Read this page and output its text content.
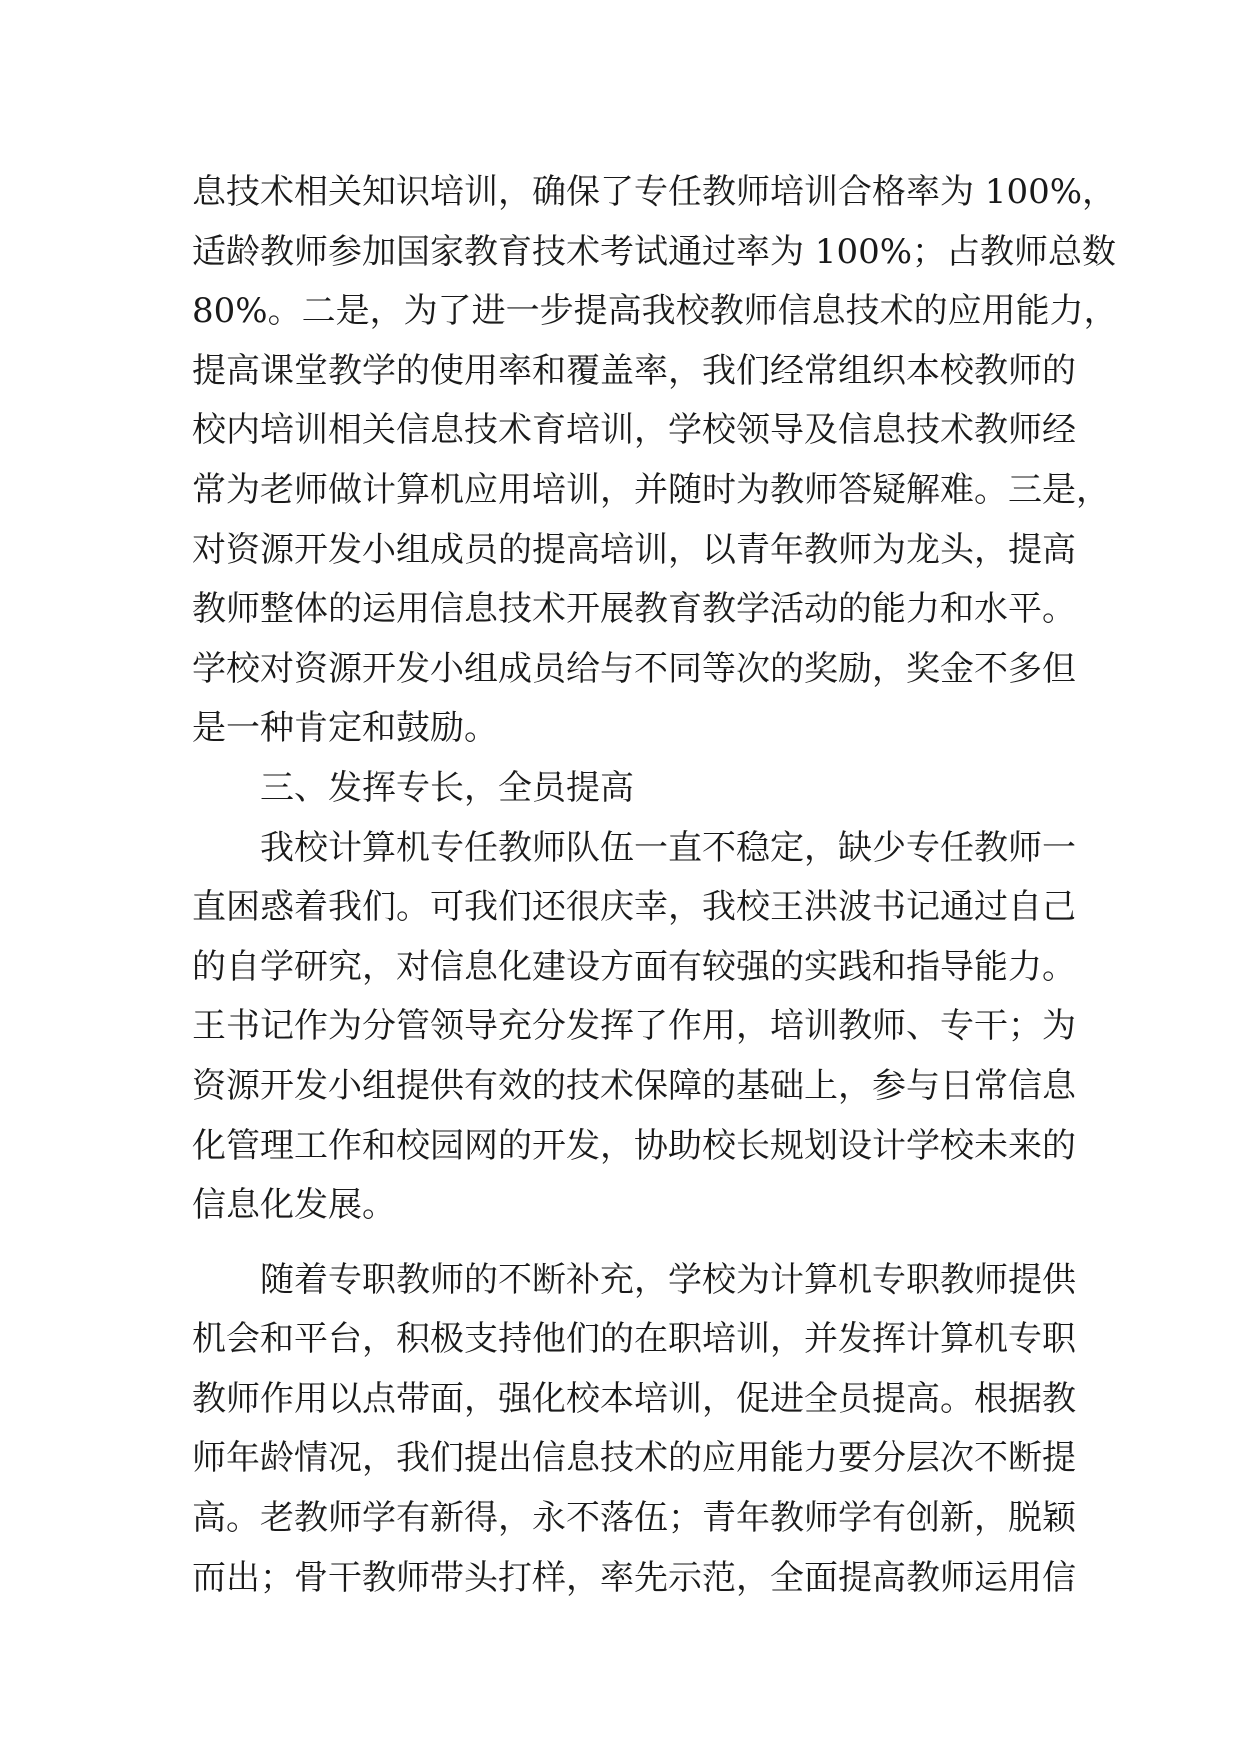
息技术相关知识培训，确保了专任教师培训合格率为 100%，
适龄教师参加国家教育技术考试通过率为 100%；占教师总数
80%。二是，为了进一步提高我校教师信息技术的应用能力，
提高课堂教学的使用率和覆盖率，我们经常组织本校教师的
校内培训相关信息技术育培训，学校领导及信息技术教师经
常为老师做计算机应用培训，并随时为教师答疑解难。三是，
对资源开发小组成员的提高培训，以青年教师为龙头，提高
教师整体的运用信息技术开展教育教学活动的能力和水平。
学校对资源开发小组成员给与不同等次的奖励，奖金不多但
是一种肯定和鼓励。
三、发挥专长，全员提高
我校计算机专任教师队伍一直不稳定，缺少专任教师一
直困惑着我们。可我们还很庆幸，我校王洪波书记通过自己
的自学研究，对信息化建设方面有较强的实践和指导能力。
王书记作为分管领导充分发挥了作用，培训教师、专干；为
资源开发小组提供有效的技术保障的基础上，参与日常信息
化管理工作和校园网的开发，协助校长规划设计学校未来的
信息化发展。
随着专职教师的不断补充，学校为计算机专职教师提供
机会和平台，积极支持他们的在职培训，并发挥计算机专职
教师作用以点带面，强化校本培训，促进全员提高。根据教
师年龄情况，我们提出信息技术的应用能力要分层次不断提
高。老教师学有新得，永不落伍；青年教师学有创新，脱颖
而出；骨干教师带头打样，率先示范，全面提高教师运用信
